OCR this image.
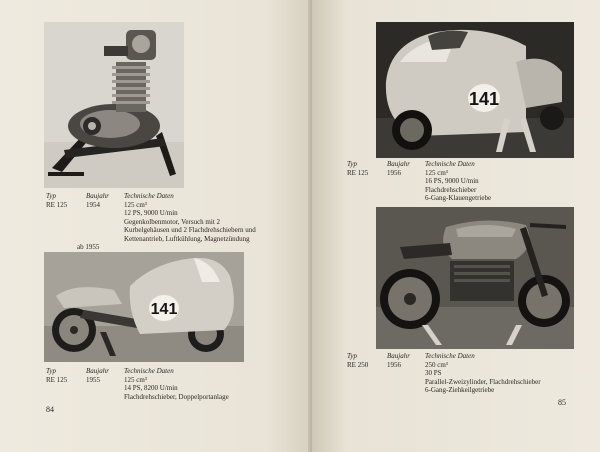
Typ	Baujahr Technische Daten
RE 125	1954	125 cm³
12 PS, 9000 U/min
Gegenkolbenmotor, Versuch mit 2 Kurbelgehäusen und 2 Flachdrehschiebern und Kettenantrieb, Luftkühlung, Magnetzündung
ab 1955
141
Typ	Baujahr Technische Daten
RE 125	1955	125 cm³
14 PS, 8200 U/min
Flachdrehschieber, Doppelportanlage
84
141
Typ	Baujahr Technische Daten
RE 125	1956	125 cm³
16 PS, 9000 U/min
Flachdrehschieber
6-Gang-Klauengetriebe
Typ	Baujahr Technische Daten
RE 250	1956	250 cm³
30 PS
Parallel-Zweizylinder, Flachdrehschieber
6-Gang-Ziehkeilgetriebe
85
